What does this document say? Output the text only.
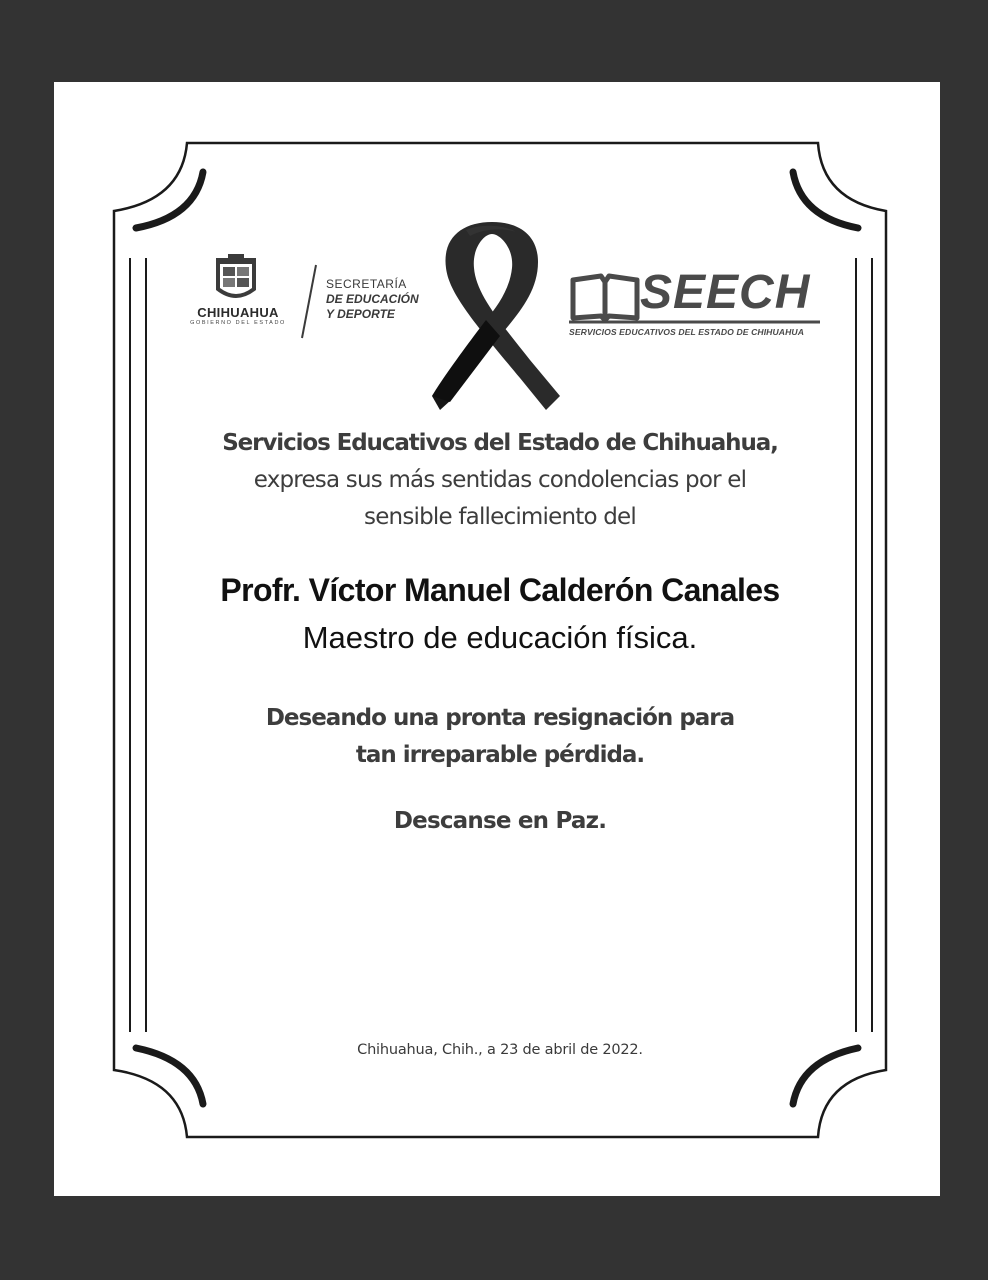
CHIHUAHUA
GOBIERNO DEL ESTADO
SECRETARÍA
DE EDUCACIÓN
Y DEPORTE	SEECH
SERVICIOS EDUCATIVOS DEL ESTADO DE CHIHUAHUA
Servicios Educativos del Estado de Chihuahua,
expresa sus más sentidas condolencias por el
sensible fallecimiento del
Profr. Víctor Manuel Calderón Canales
Maestro de educación física.
Deseando una pronta resignación para
tan irreparable pérdida.
Descanse en Paz.
Chihuahua, Chih., a 23 de abril de 2022.
